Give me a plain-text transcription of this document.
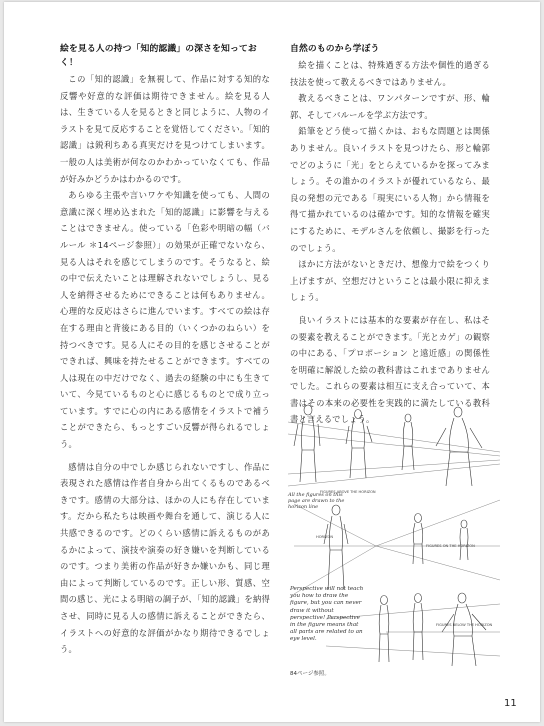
絵を見る人の持つ「知的認識」の深さを知っておく！

この「知的認識」を無視して、作品に対する知的な反響や好意的な評価は期待できません。絵を見る人は、生きている人を見るときと同じように、人物のイラストを見て反応することを覚悟してください。「知的認識」は鋭利ちある真実だけを見つけてしまいます。一般の人は美術が何なのかわかっていなくても、作品が好みかどうかはわかるのです。

あらゆる主張や言いワケや知識を使っても、人間の意識に深く埋め込まれた「知的認識」に影響を与えることはできません。使っている「色彩や明暗の幅（バルール ＊14ページ参照）」の効果が正確でないなら、見る人はそれを感じてしまうのです。そうなると、絵の中で伝えたいことは理解されないでしょうし、見る人を納得させるためにできることは何もありません。心理的な反応はさらに進んでいます。すべての絵は存在する理由と背後にある目的（いくつかのねらい）を持つべきです。見る人にその目的を感じさせることができれば、興味を持たせることができます。すべての人は現在の中だけでなく、過去の経験の中にも生きていて、今見ているものと心に感じるものとで成り立っています。すでに心の内にある感情をイラストで補うことができたら、もっとすごい反響が得られるでしょう。

感情は自分の中でしか感じられないですし、作品に表現された感情は作者自身から出てくるものであるべきです。感情の大部分は、ほかの人にも存在しています。だから私たちは映画や舞台を通して、演じる人に共感できるのです。どのくらい感情に訴えるものがあるかによって、演技や演奏の好き嫌いを判断しているのです。つまり美術の作品が好きか嫌いかも、同じ理由によって判断しているのです。正しい形、質感、空間の感じ、光による明暗の調子が、「知的認識」を納得させ、同時に見る人の感情に訴えることができたら、イラストへの好意的な評価がかなり期待できるでしょう。

自然のものから学ぼう

絵を描くことは、特殊過ぎる方法や個性的過ぎる技法を使って教えるべきではありません。

教えるべきことは、ワンパターンですが、形、輪郭、そしてバルールを学ぶ方法です。

鉛筆をどう使って描くかは、おもな問題とは関係ありません。良いイラストを見つけたら、形と輪郭でどのように「光」をとらえているかを探ってみましょう。その誰かのイラストが優れているなら、最良の発想の元である「現実にいる人物」から情報を得て描かれているのは確かです。知的な情報を確実にするために、モデルさんを依頼し、撮影を行ったのでしょう。

ほかに方法がないときだけ、想像力で絵をつくり上げますが、空想だけということは最小限に抑えましょう。

良いイラストには基本的な要素が存在し、私はその要素を教えることができます。「光とカゲ」の観察の中にある、「プロポーション と遠近感」の関係性を明確に解説した絵の教科書はこれまでありませんでした。これらの要素は相互に支え合っていて、本書はその本来の必要性を実践的に満たしている教科書と言えるでしょう。

FIGURES ABOVE THE HORIZON
HORIZON
FIGURES ON THE HORIZON
FIGURES BELOW THE HORIZON
All the figures on this page are drawn to the horizon line
Perspective will not teach you how to draw the figure, but you can never draw it without perspective! Perspective in the figure means that all parts are related to an eye level.
84ページ参照。
11
